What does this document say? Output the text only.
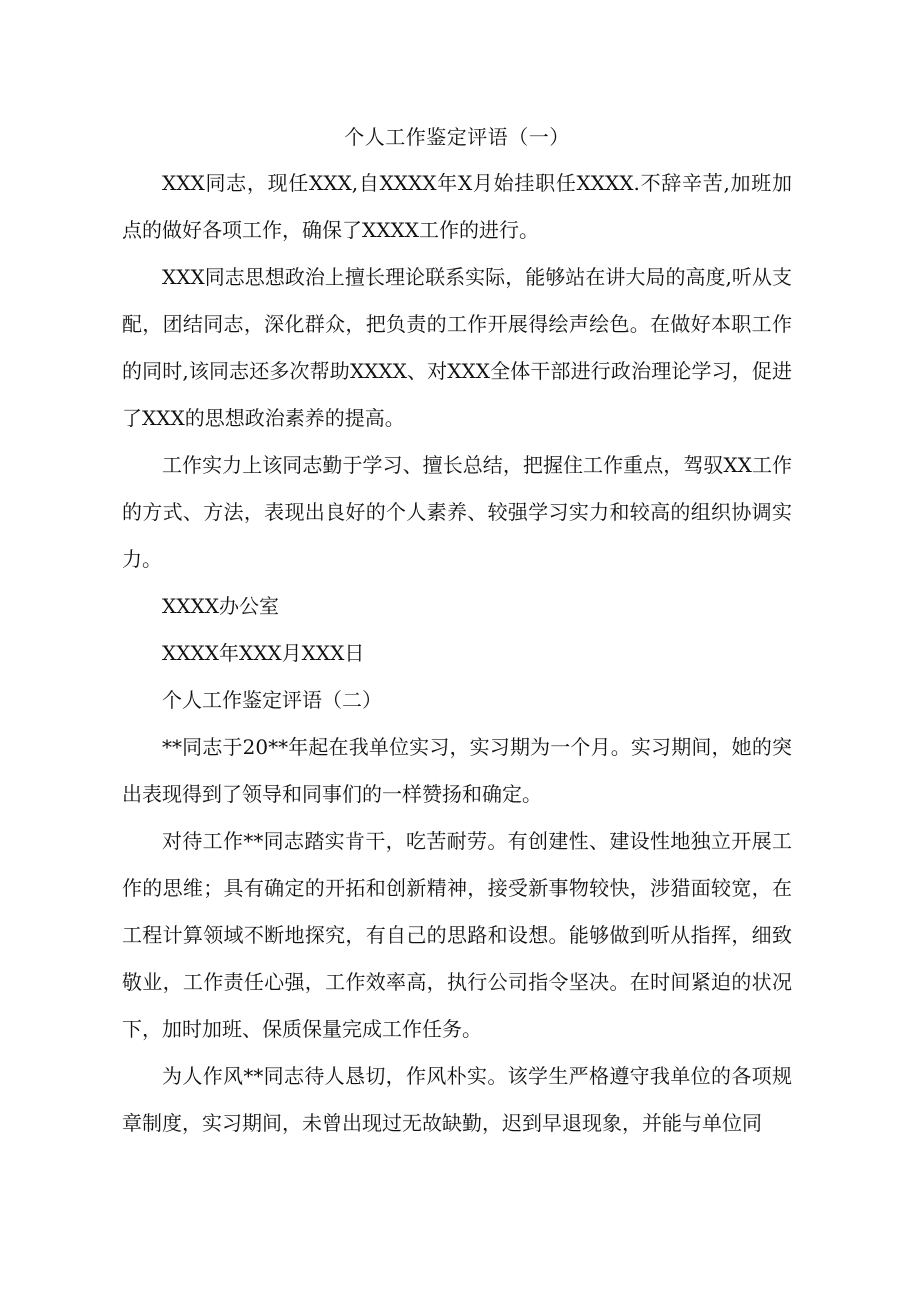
个人工作鉴定评语（一）

XXX同志，现任XXX,自XXXX年X月始挂职任XXXX.不辞辛苦,加班加点的做好各项工作，确保了XXXX工作的进行。

XXX同志思想政治上擅长理论联系实际，能够站在讲大局的高度,听从支配，团结同志，深化群众，把负责的工作开展得绘声绘色。在做好本职工作的同时,该同志还多次帮助XXXX、对XXX全体干部进行政治理论学习，促进了XXX的思想政治素养的提高。

工作实力上该同志勤于学习、擅长总结，把握住工作重点，驾驭XX工作的方式、方法，表现出良好的个人素养、较强学习实力和较高的组织协调实力。

XXXX办公室

XXXX年XXX月XXX日

个人工作鉴定评语（二）

**同志于20**年起在我单位实习，实习期为一个月。实习期间，她的突出表现得到了领导和同事们的一样赞扬和确定。

对待工作**同志踏实肯干，吃苦耐劳。有创建性、建设性地独立开展工作的思维；具有确定的开拓和创新精神，接受新事物较快，涉猎面较宽，在工程计算领域不断地探究，有自己的思路和设想。能够做到听从指挥，细致敬业，工作责任心强，工作效率高，执行公司指令坚决。在时间紧迫的状况下，加时加班、保质保量完成工作任务。

为人作风**同志待人恳切，作风朴实。该学生严格遵守我单位的各项规章制度，实习期间，未曾出现过无故缺勤，迟到早退现象，并能与单位同
